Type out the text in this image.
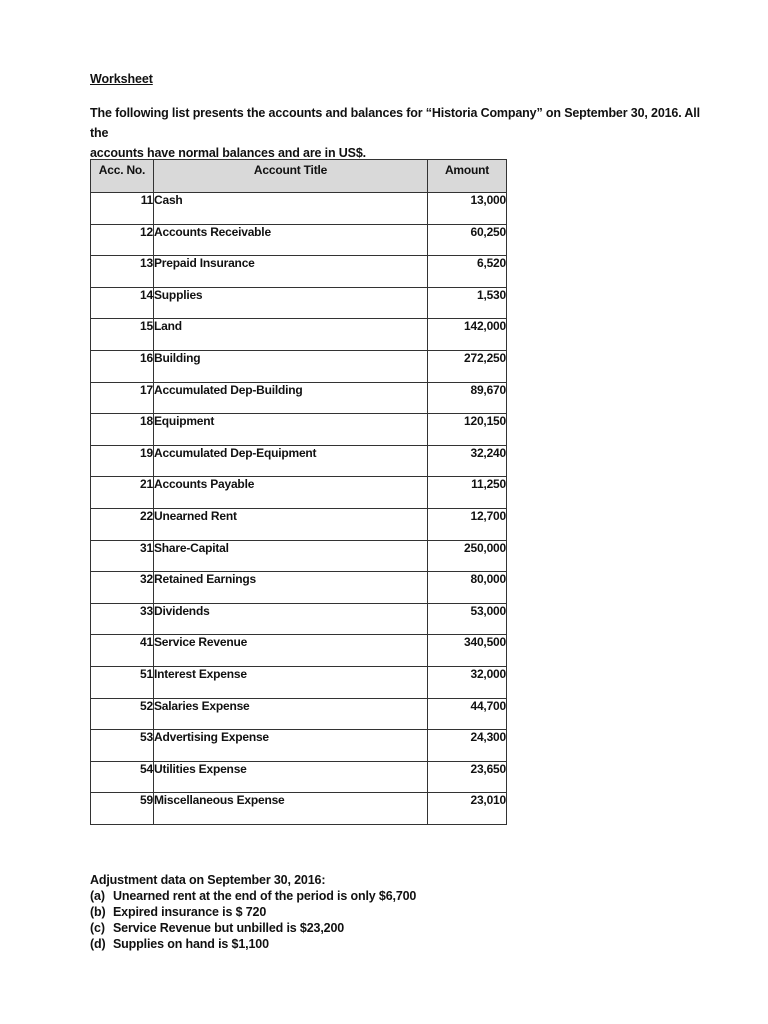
Worksheet

The following list presents the accounts and balances for “Historia Company” on September 30, 2016. All the

accounts have normal balances and are in US$.

Acc. No.	Account Title	Amount
11	Cash	13,000
12	Accounts Receivable	60,250
13	Prepaid Insurance	6,520
14	Supplies	1,530
15	Land	142,000
16	Building	272,250
17	Accumulated Dep-Building	89,670
18	Equipment	120,150
19	Accumulated Dep-Equipment	32,240
21	Accounts Payable	11,250
22	Unearned Rent	12,700
31	Share-Capital	250,000
32	Retained Earnings	80,000
33	Dividends	53,000
41	Service Revenue	340,500
51	Interest Expense	32,000
52	Salaries Expense	44,700
53	Advertising Expense	24,300
54	Utilities Expense	23,650
59	Miscellaneous Expense	23,010

Adjustment data on September 30, 2016:

(a) Unearned rent at the end of the period is only $6,700
(b) Expired insurance is $ 720
(c) Service Revenue but unbilled is $23,200
(d) Supplies on hand is $1,100
